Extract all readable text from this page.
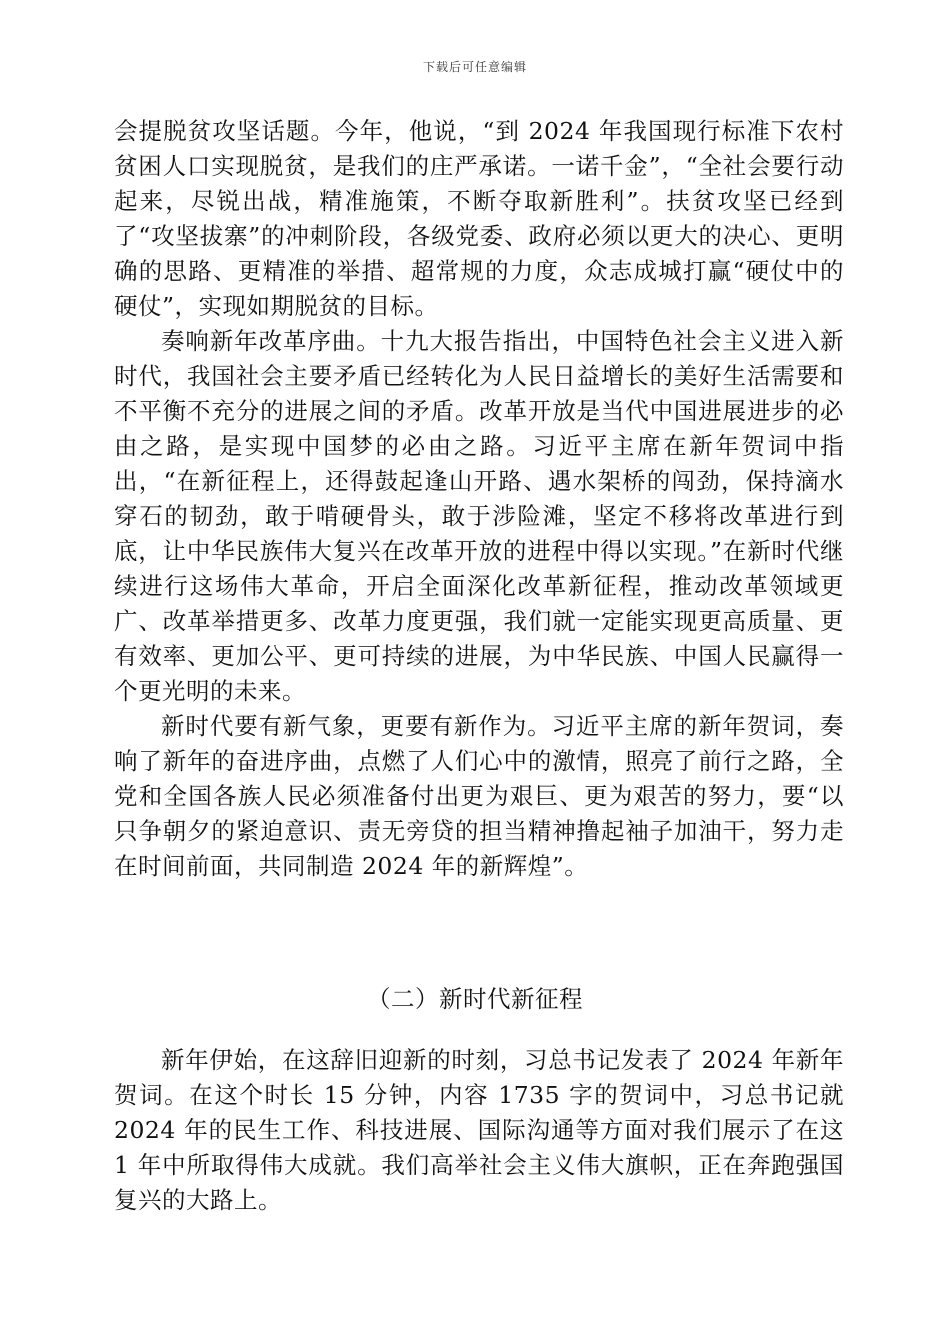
下载后可任意编辑

会提脱贫攻坚话题。今年，他说，“到 2024 年我国现行标准下农村贫困人口实现脱贫，是我们的庄严承诺。一诺千金”，“全社会要行动起来，尽锐出战，精准施策，不断夺取新胜利”。扶贫攻坚已经到了“攻坚拔寨”的冲刺阶段，各级党委、政府必须以更大的决心、更明确的思路、更精准的举措、超常规的力度，众志成城打赢“硬仗中的硬仗”，实现如期脱贫的目标。

奏响新年改革序曲。十九大报告指出，中国特色社会主义进入新时代，我国社会主要矛盾已经转化为人民日益增长的美好生活需要和不平衡不充分的进展之间的矛盾。改革开放是当代中国进展进步的必由之路，是实现中国梦的必由之路。习近平主席在新年贺词中指出，“在新征程上，还得鼓起逢山开路、遇水架桥的闯劲，保持滴水穿石的韧劲，敢于啃硬骨头，敢于涉险滩，坚定不移将改革进行到底，让中华民族伟大复兴在改革开放的进程中得以实现。”在新时代继续进行这场伟大革命，开启全面深化改革新征程，推动改革领域更广、改革举措更多、改革力度更强，我们就一定能实现更高质量、更有效率、更加公平、更可持续的进展，为中华民族、中国人民赢得一个更光明的未来。

新时代要有新气象，更要有新作为。习近平主席的新年贺词，奏响了新年的奋进序曲，点燃了人们心中的激情，照亮了前行之路，全党和全国各族人民必须准备付出更为艰巨、更为艰苦的努力，要“以只争朝夕的紧迫意识、责无旁贷的担当精神撸起袖子加油干，努力走在时间前面，共同制造 2024 年的新辉煌”。

（二）新时代新征程

新年伊始，在这辞旧迎新的时刻，习总书记发表了 2024 年新年贺词。在这个时长 15 分钟，内容 1735 字的贺词中，习总书记就 2024 年的民生工作、科技进展、国际沟通等方面对我们展示了在这 1 年中所取得伟大成就。我们高举社会主义伟大旗帜，正在奔跑强国复兴的大路上。
